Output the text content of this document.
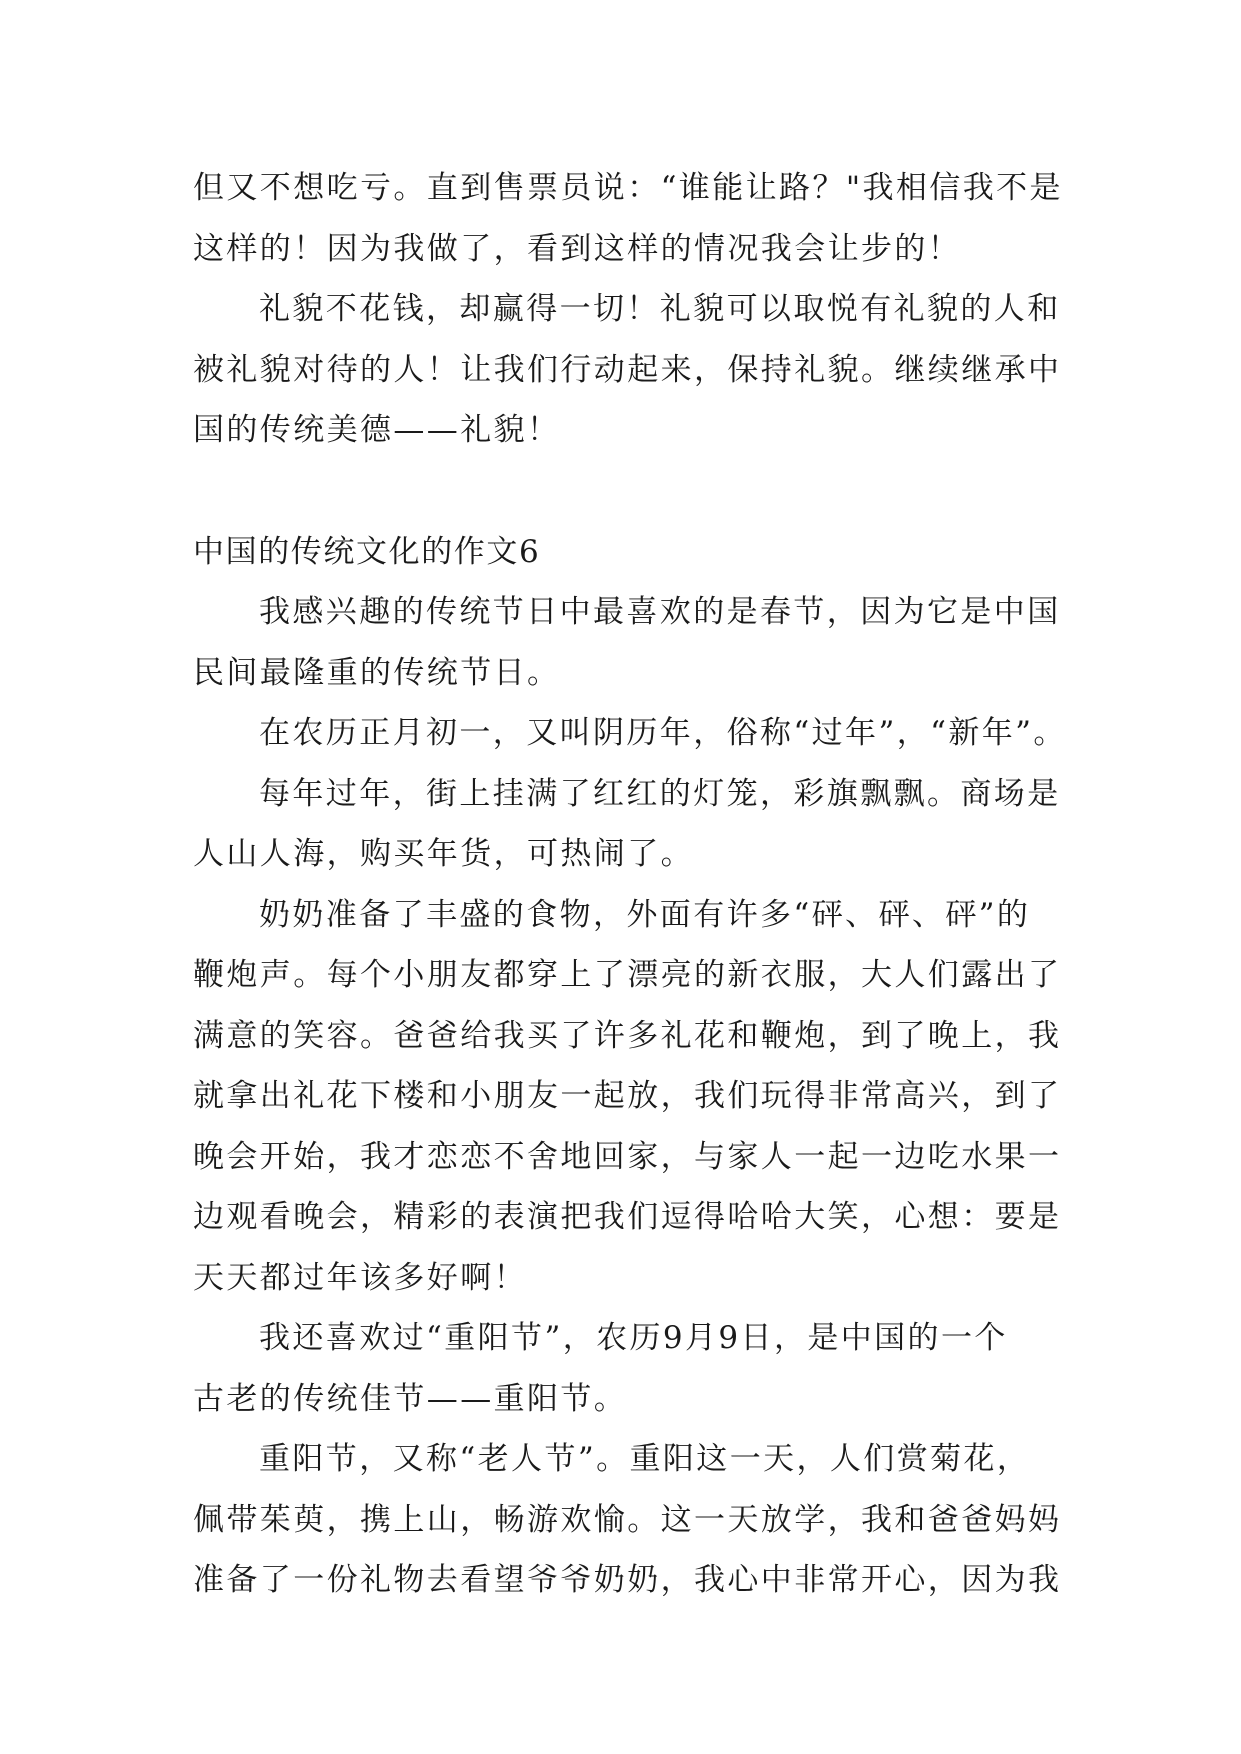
但又不想吃亏。直到售票员说：“谁能让路？"我相信我不是
这样的！因为我做了，看到这样的情况我会让步的！
礼貌不花钱，却赢得一切！礼貌可以取悦有礼貌的人和
被礼貌对待的人！让我们行动起来，保持礼貌。继续继承中
国的传统美德——礼貌！
中国的传统文化的作文6
我感兴趣的传统节日中最喜欢的是春节，因为它是中国
民间最隆重的传统节日。
在农历正月初一，又叫阴历年，俗称“过年”，“新年”。
每年过年，街上挂满了红红的灯笼，彩旗飘飘。商场是
人山人海，购买年货，可热闹了。
奶奶准备了丰盛的食物，外面有许多“砰、砰、砰”的
鞭炮声。每个小朋友都穿上了漂亮的新衣服，大人们露出了
满意的笑容。爸爸给我买了许多礼花和鞭炮，到了晚上，我
就拿出礼花下楼和小朋友一起放，我们玩得非常高兴，到了
晚会开始，我才恋恋不舍地回家，与家人一起一边吃水果一
边观看晚会，精彩的表演把我们逗得哈哈大笑，心想：要是
天天都过年该多好啊！
我还喜欢过“重阳节”，农历9月9日，是中国的一个
古老的传统佳节——重阳节。
重阳节，又称“老人节”。重阳这一天，人们赏菊花，
佩带茱萸，携上山，畅游欢愉。这一天放学，我和爸爸妈妈
准备了一份礼物去看望爷爷奶奶，我心中非常开心，因为我
